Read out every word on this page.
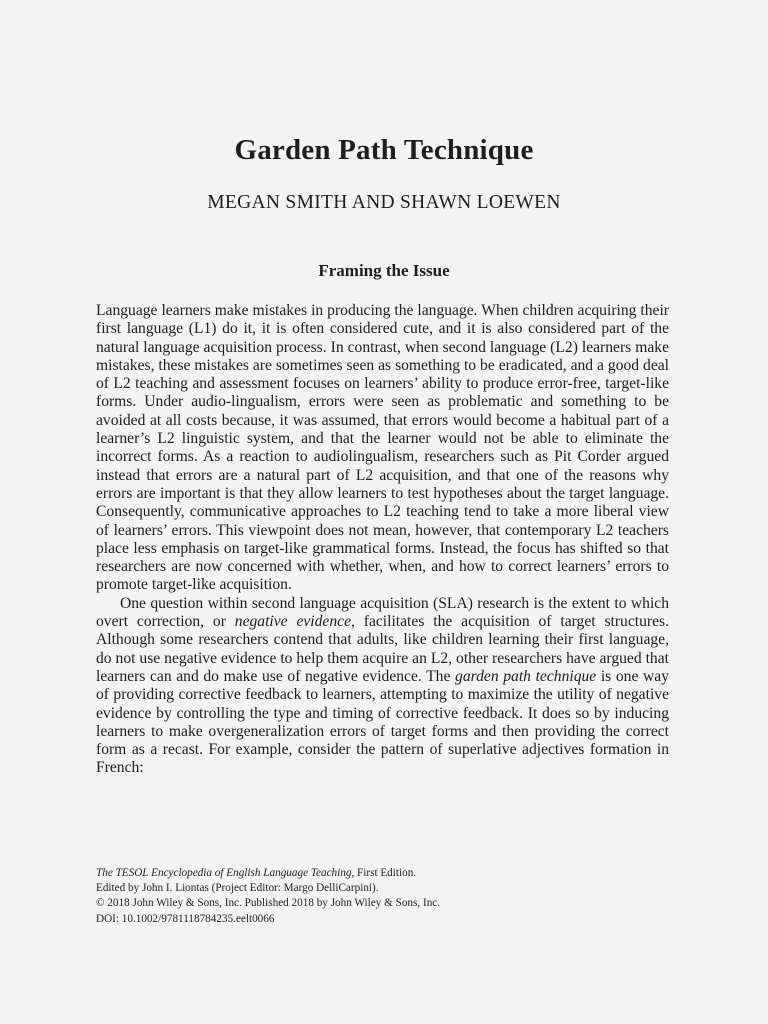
Garden Path Technique
MEGAN SMITH AND SHAWN LOEWEN
Framing the Issue

Language learners make mistakes in producing the language. When children acquiring their first language (L1) do it, it is often considered cute, and it is also considered part of the natural language acquisition process. In contrast, when second language (L2) learners make mistakes, these mistakes are sometimes seen as something to be eradicated, and a good deal of L2 teaching and assessment focuses on learners’ ability to produce error-free, target-like forms. Under audio-lingualism, errors were seen as problematic and something to be avoided at all costs because, it was assumed, that errors would become a habitual part of a learner’s L2 linguistic system, and that the learner would not be able to eliminate the incorrect forms. As a reaction to audiolingualism, researchers such as Pit Corder argued instead that errors are a natural part of L2 acquisition, and that one of the reasons why errors are important is that they allow learners to test hypotheses about the target language. Consequently, communicative approaches to L2 teaching tend to take a more liberal view of learners’ errors. This viewpoint does not mean, however, that contemporary L2 teachers place less emphasis on target-like grammatical forms. Instead, the focus has shifted so that researchers are now concerned with whether, when, and how to correct learners’ errors to promote target-like acquisition.

One question within second language acquisition (SLA) research is the extent to which overt correction, or negative evidence, facilitates the acquisition of target structures. Although some researchers contend that adults, like children learning their first language, do not use negative evidence to help them acquire an L2, other researchers have argued that learners can and do make use of negative evidence. The garden path technique is one way of providing corrective feedback to learners, attempting to maximize the utility of negative evidence by controlling the type and timing of corrective feedback. It does so by inducing learners to make overgeneralization errors of target forms and then providing the correct form as a recast. For example, consider the pattern of superlative adjectives formation in French:

The TESOL Encyclopedia of English Language Teaching, First Edition.
Edited by John I. Liontas (Project Editor: Margo DelliCarpini).
© 2018 John Wiley & Sons, Inc. Published 2018 by John Wiley & Sons, Inc.
DOI: 10.1002/9781118784235.eelt0066
